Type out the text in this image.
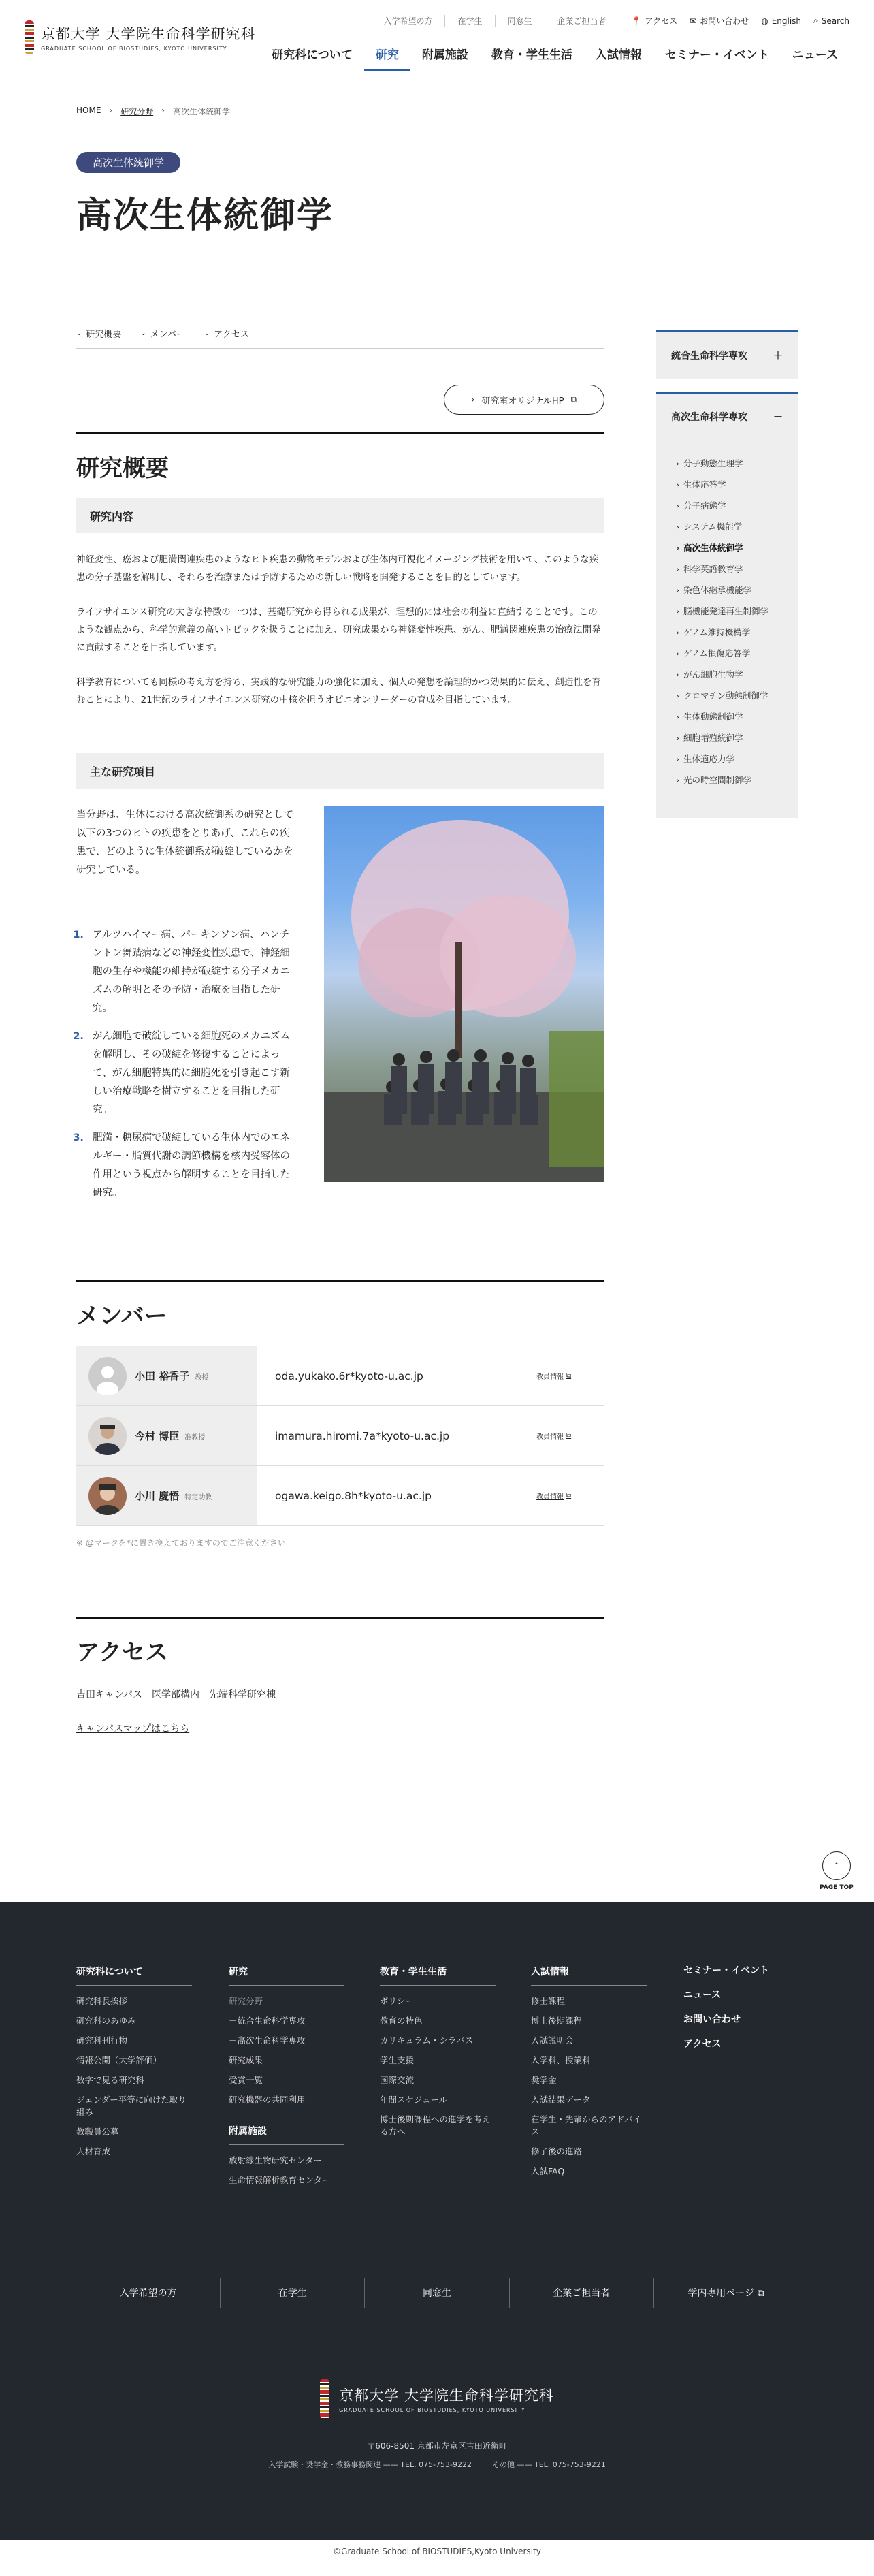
京都大学 大学院生命科学研究科
GRADUATE SCHOOL OF BIOSTUDIES, KYOTO UNIVERSITY
入学希望の方	在学生	同窓生	企業ご担当者	📍 アクセス ✉ お問い合わせ ◍ English ⌕ Search
研究科について	研究	附属施設	教育・学生生活	入試情報	セミナー・イベント	ニュース
HOME › 研究分野 › 高次生体統御学
高次生体統御学
高次生体統御学
⌄ 研究概要	⌄ メンバー	⌄ アクセス
統合生命科学専攻	＋
高次生命科学専攻	－
› 分子動態生理学
› 生体応答学
› 分子病態学
› システム機能学
› 高次生体統御学
› 科学英語教育学
› 染色体継承機能学
› 脳機能発達再生制御学
› ゲノム維持機構学
› ゲノム損傷応答学
› がん細胞生物学
› クロマチン動態制御学
› 生体動態制御学
› 細胞増殖統御学
› 生体適応力学
› 光の時空間制御学
› 研究室オリジナルHP ⧉
研究概要
研究内容

神経変性、癌および肥満関連疾患のようなヒト疾患の動物モデルおよび生体内可視化イメージング技術を用いて、このような疾患の分子基盤を解明し、それらを治療または予防するための新しい戦略を開発することを目的としています。

ライフサイエンス研究の大きな特徴の一つは、基礎研究から得られる成果が、理想的には社会の利益に直結することです。このような観点から、科学的意義の高いトピックを扱うことに加え、研究成果から神経変性疾患、がん、肥満関連疾患の治療法開発に貢献することを目指しています。

科学教育についても同様の考え方を持ち、実践的な研究能力の強化に加え、個人の発想を論理的かつ効果的に伝え、創造性を育むことにより、21世紀のライフサイエンス研究の中核を担うオピニオンリーダーの育成を目指しています。

主な研究項目

当分野は、生体における高次統御系の研究として以下の3つのヒトの疾患をとりあげ、これらの疾患で、どのように生体統御系が破綻しているかを研究している。

1. アルツハイマー病、パーキンソン病、ハンチントン舞踏病などの神経変性疾患で、神経細胞の生存や機能の維持が破綻する分子メカニズムの解明とその予防・治療を目指した研究。
2. がん細胞で破綻している細胞死のメカニズムを解明し、その破綻を修復することによって、がん細胞特異的に細胞死を引き起こす新しい治療戦略を樹立することを目指した研究。
3. 肥満・糖尿病で破綻している生体内でのエネルギー・脂質代謝の調節機構を核内受容体の作用という視点から解明することを目指した研究。
メンバー
小田 裕香子 教授	oda.yukako.6r*kyoto-u.ac.jp	教員情報 ⧉
今村 博臣 准教授	imamura.hiromi.7a*kyoto-u.ac.jp	教員情報 ⧉
小川 慶悟 特定助教	ogawa.keigo.8h*kyoto-u.ac.jp	教員情報 ⧉

※ @マークを*に置き換えておりますのでご注意ください

アクセス

吉田キャンパス　医学部構内　先端科学研究棟

キャンパスマップはこちら
⌃
PAGE TOP
研究科について
研究科長挨拶
研究科のあゆみ
研究科刊行物
情報公開（大学評価）
数字で見る研究科
ジェンダー平等に向けた取り組み
教職員公募
人材育成
研究
研究分野
－統合生命科学専攻
－高次生命科学専攻
研究成果
受賞一覧
研究機器の共同利用
附属施設
放射線生物研究センター
生命情報解析教育センター
教育・学生生活
ポリシー
教育の特色
カリキュラム・シラバス
学生支援
国際交流
年間スケジュール
博士後期課程への進学を考える方へ
入試情報
修士課程
博士後期課程
入試説明会
入学料、授業料
奨学金
入試結果データ
在学生・先輩からのアドバイス
修了後の進路
入試FAQ
セミナー・イベント
ニュース
お問い合わせ
アクセス
入学希望の方	在学生	同窓生	企業ご担当者	学内専用ページ ⧉
京都大学 大学院生命科学研究科
GRADUATE SCHOOL OF BIOSTUDIES, KYOTO UNIVERSITY
〒606-8501 京都市左京区吉田近衛町
入学試験・奨学金・教務事務関連 —— TEL. 075-753-9222	その他 —— TEL. 075-753-9221
©Graduate School of BIOSTUDIES,Kyoto University
